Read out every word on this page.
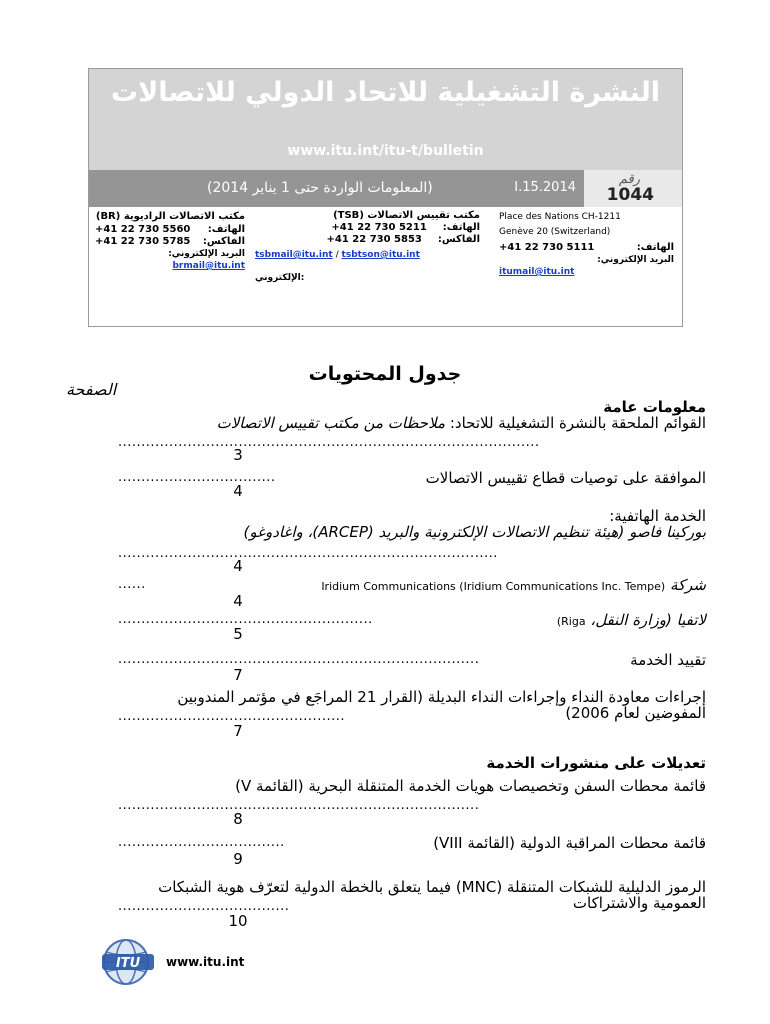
النشرة التشغيلية للاتحاد الدولي للاتصالات
www.itu.int/itu-t/bulletin
رقم
1044
I.15.2014
(المعلومات الواردة حتى 1 يناير 2014)
Place des Nations CH-1211
Genève 20 (Switzerland)
الهاتف:
+41 22 730 5111
البريد الإلكتروني:
itumail@itu.int
مكتب تقييس الاتصالات (TSB)
الهاتف:
+41 22 730 5211
الفاكس:
+41 22 730 5853
tsbmail@itu.int / tsbtson@itu.int
:الإلكتروني
مكتب الاتصالات الراديوية (BR)
الهاتف:
+41 22 730 5560
الفاكس:
+41 22 730 5785
البريد الإلكتروني:
brmail@itu.int
جدول المحتويات
الصفحة
معلومات عامة
القوائم الملحقة بالنشرة التشغيلية للاتحاد: ملاحظات من مكتب تقييس الاتصالات
...........................................................................................
3
الموافقة على توصيات قطاع تقييس الاتصالات
..................................
4
الخدمة الهاتفية:
بوركينا فاصو (هيئة تنظيم الاتصالات الإلكترونية والبريد (ARCEP)، واغادوغو)
..................................................................................
4
شركة Iridium Communications (Iridium Communications Inc. Tempe)
......
4
لاتفيا (وزارة النقل، Riga)
.......................................................
5
تقييد الخدمة
..............................................................................
7
إجراءات معاودة النداء وإجراءات النداء البديلة (القرار 21 المراجَع في مؤتمر المندوبين المفوضين لعام 2006)
.................................................
7
تعديلات على منشورات الخدمة
قائمة محطات السفن وتخصيصات هويات الخدمة المتنقلة البحرية (القائمة V)
..............................................................................
8
قائمة محطات المراقبة الدولية (القائمة VIII)
....................................
9
الرموز الدليلية للشبكات المتنقلة (MNC) فيما يتعلق بالخطة الدولية لتعرّف هوية الشبكات العمومية والاشتراكات
.....................................
10
ITU www.itu.int
